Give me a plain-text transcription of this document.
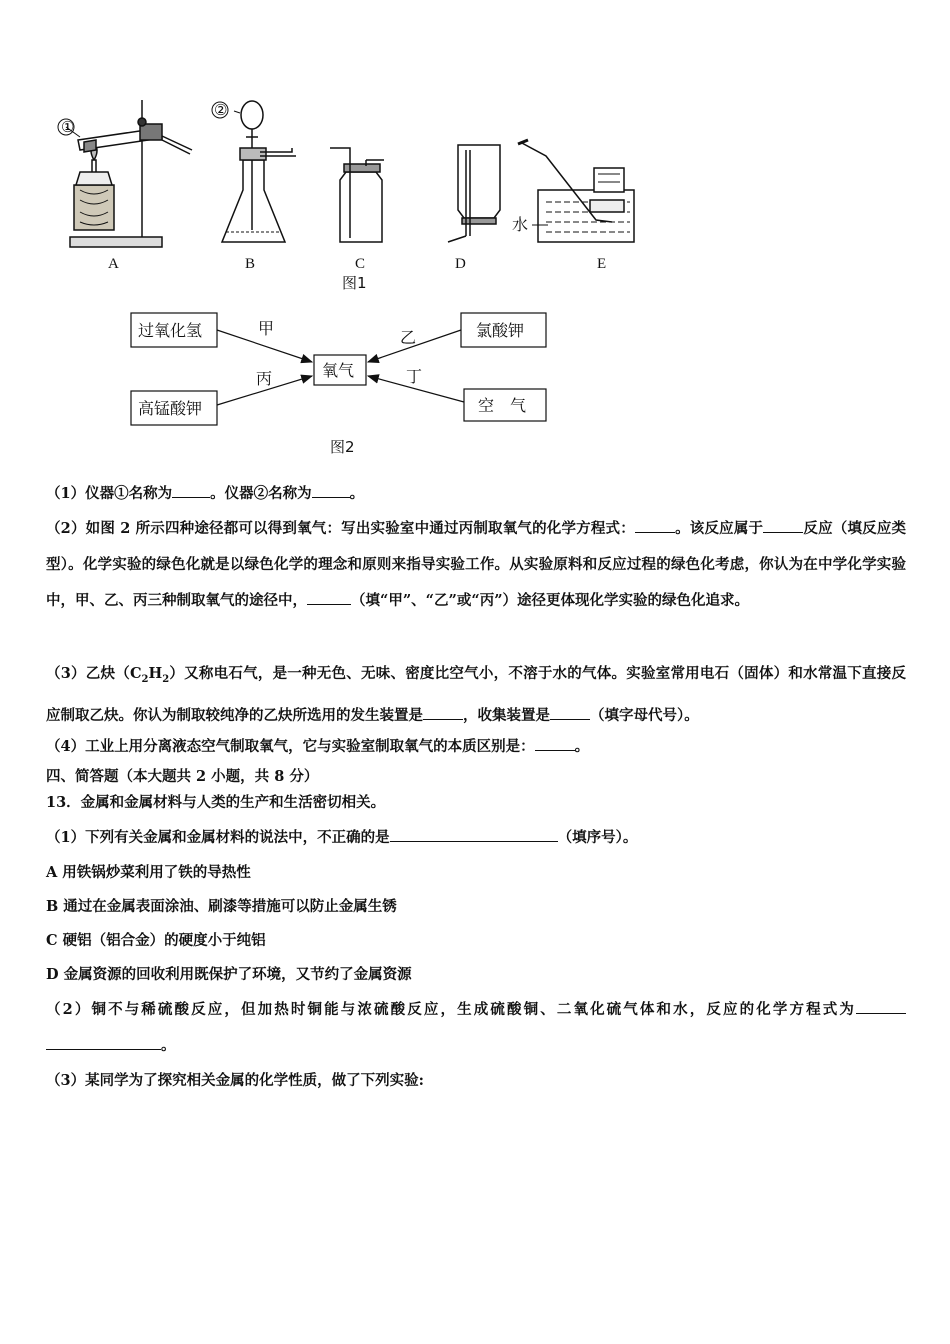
①
②
水
A	B	C	D	E
图1
过氧化氢	氯酸钾
氧气
高锰酸钾	空　气
甲	乙
丙	丁
图2

（1）仪器①名称为	。仪器②名称为	。

（2）如图 2 所示四种途径都可以得到氧气：写出实验室中通过丙制取氧气的化学方程式：	。该反应属于	反应（填反应类型）。化学实验的绿色化就是以绿色化学的理念和原则来指导实验工作。从实验原料和反应过程的绿色化考虑，你认为在中学化学实验中，甲、乙、丙三种制取氧气的途径中，	（填“甲”、“乙”或“丙”）途径更体现化学实验的绿色化追求。

（3）乙炔$(C_2H_2)$又称电石气，是一种无色、无味、密度比空气小，不溶于水的气体。实验室常用电石（固体）和水常温下直接反应制取乙炔。你认为制取较纯净的乙炔所选用的发生装置是	，收集装置是	（填字母代号）。

（4）工业上用分离液态空气制取氧气，它与实验室制取氧气的本质区别是：	。

四、简答题（本大题共 2 小题，共 8 分）

13．金属和金属材料与人类的生产和生活密切相关。

（1）下列有关金属和金属材料的说法中，不正确的是	（填序号）。

A 用铁锅炒菜利用了铁的导热性

B 通过在金属表面涂油、刷漆等措施可以防止金属生锈

C 硬铝（铝合金）的硬度小于纯铝

D 金属资源的回收利用既保护了环境，又节约了金属资源

（2）铜不与稀硫酸反应，但加热时铜能与浓硫酸反应，生成硫酸铜、二氧化硫气体和水，反应的化学方程式为 。

（3）某同学为了探究相关金属的化学性质，做了下列实验:
